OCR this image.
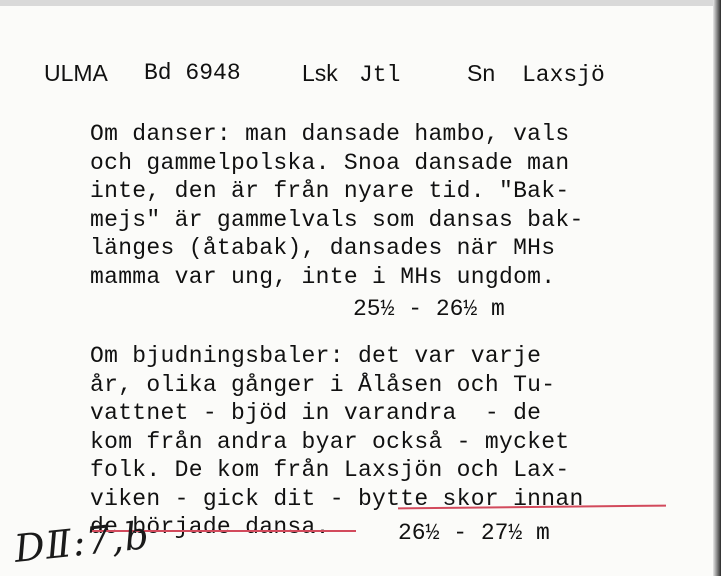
ULMA Bd 6948	Lsk Jtl	Sn Laxsjö
Om danser: man dansade hambo, vals
och gammelpolska. Snoa dansade man
inte, den är från nyare tid. "Bak-
mejs" är gammelvals som dansas bak-
länges (åtabak), dansades när MHs
mamma var ung, inte i MHs ungdom.
25½ - 26½ m
Om bjudningsbaler: det var varje
år, olika gånger i Ålåsen och Tu-
vattnet - bjöd in varandra  - de
kom från andra byar också - mycket
folk. De kom från Laxsjön och Lax-
viken - gick dit - bytte skor innan
de började dansa.	26½ - 27½ m
DⅡ:7,b
